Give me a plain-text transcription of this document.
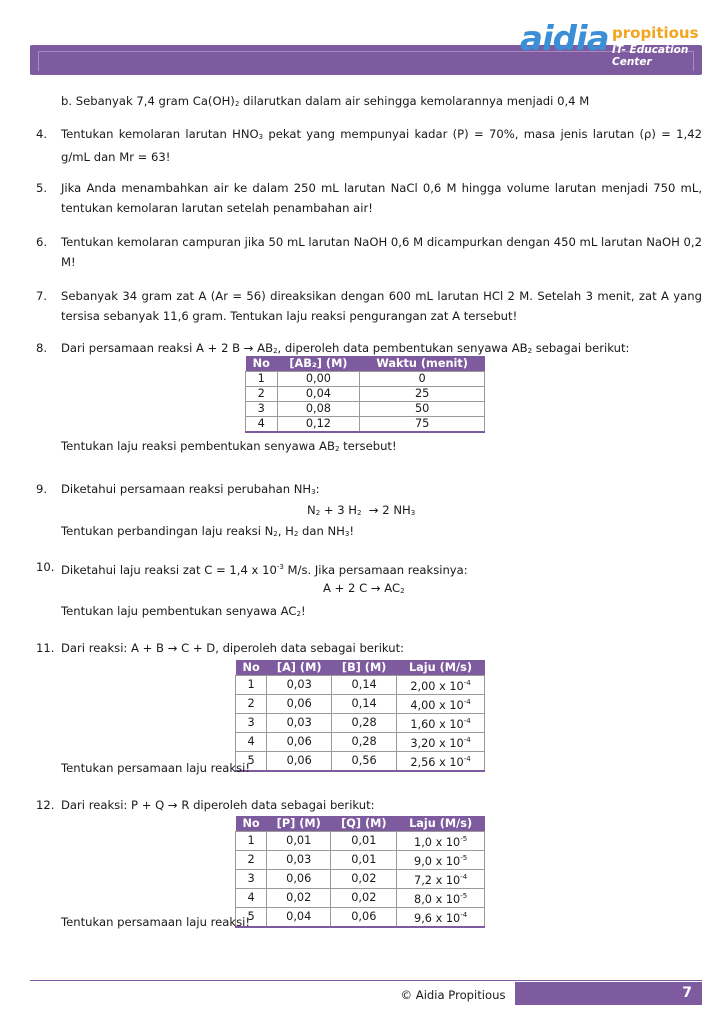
aidia propitious
IT- Education Center
b. Sebanyak 7,4 gram $Ca(OH)_2$ dilarutkan dalam air sehingga kemolarannya menjadi 0,4 M
4.	Tentukan kemolaran larutan $HNO_3$ pekat yang mempunyai kadar (P) = 70%, masa jenis larutan (ρ) = 1,42 g/mL dan Mr = 63!
5.	Jika Anda menambahkan air ke dalam 250 mL larutan NaCl 0,6 M hingga volume larutan menjadi 750 mL, tentukan kemolaran larutan setelah penambahan air!
6.	Tentukan kemolaran campuran jika 50 mL larutan NaOH 0,6 M dicampurkan dengan 450 mL larutan NaOH 0,2 M!
7.	Sebanyak 34 gram zat A (Ar = 56) direaksikan dengan 600 mL larutan HCl 2 M. Setelah 3 menit, zat A yang tersisa sebanyak 11,6 gram. Tentukan laju reaksi pengurangan zat A tersebut!
8.	Dari persamaan reaksi A + 2 $B \to AB_2$, diperoleh data pembentukan senyawa $AB_2$ sebagai berikut:
No	[AB₂] (M)	Waktu (menit)
1	0,00	0
2	0,04	25
3	0,08	50
4	0,12	75
Tentukan laju reaksi pembentukan senyawa $AB_2$ tersebut!
9.	Diketahui persamaan reaksi perubahan $NH_3$:
$N_2 + 3$ $H_2 \to 2$ $NH_3$
Tentukan perbandingan laju reaksi $N_2$, $H_2$ dan $NH_3$!
10. Diketahui laju reaksi zat C = 1,4 x $10^{-3}$ M/s. Jika persamaan reaksinya:
A + 2 $C \to AC_2$
Tentukan laju pembentukan senyawa $AC_2$!
11. Dari reaksi: A + B → C + D, diperoleh data sebagai berikut:
No	[A] (M)	[B] (M)	Laju (M/s)
1	0,03	0,14	2,00 x $10^{-4}$
2	0,06	0,14	4,00 x $10^{-4}$
3	0,03	0,28	1,60 x $10^{-4}$
4	0,06	0,28	3,20 x $10^{-4}$
5	0,06	0,56	2,56 x $10^{-4}$
Tentukan persamaan laju reaksi!
12. Dari reaksi: P + Q → R diperoleh data sebagai berikut:
No	[P] (M)	[Q] (M)	Laju (M/s)
1	0,01	0,01	1,0 x $10^{-5}$
2	0,03	0,01	9,0 x $10^{-5}$
3	0,06	0,02	7,2 x $10^{-4}$
4	0,02	0,02	8,0 x $10^{-5}$
5	0,04	0,06	9,6 x $10^{-4}$
Tentukan persamaan laju reaksi!
© Aidia Propitious	7
